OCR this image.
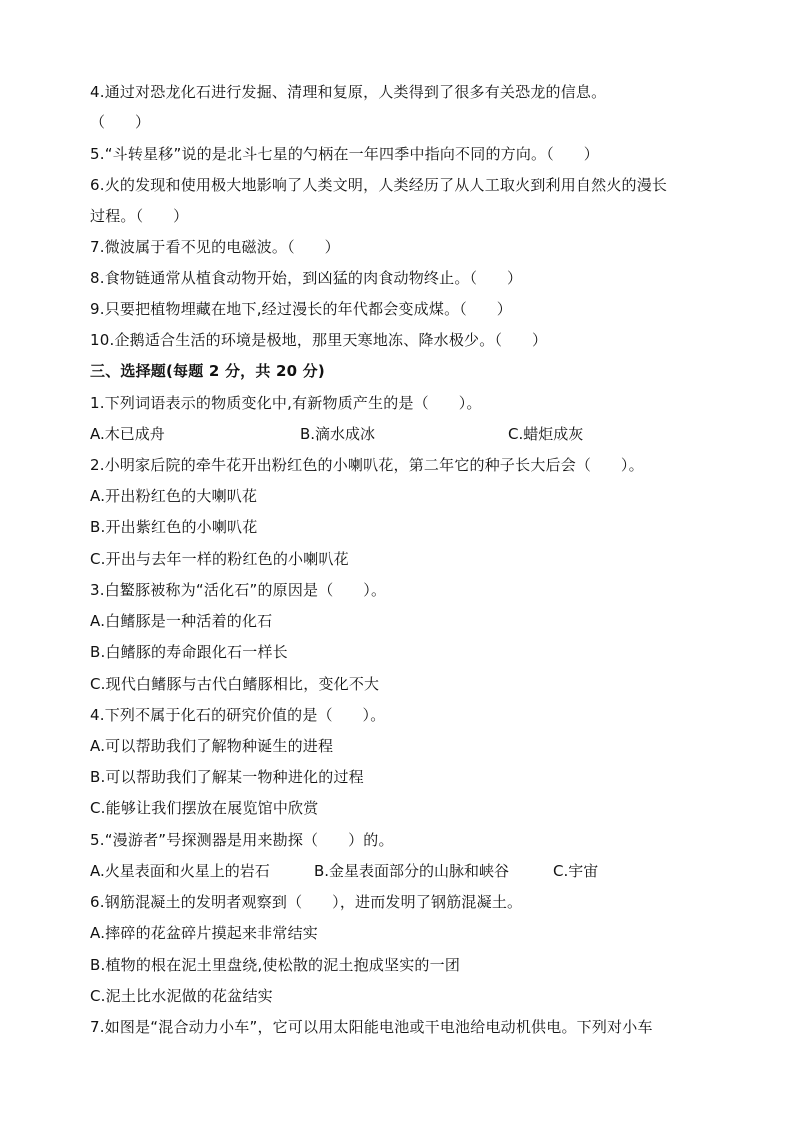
4.通过对恐龙化石进行发掘、清理和复原，人类得到了很多有关恐龙的信息。
（      ）
5.“斗转星移”说的是北斗七星的勺柄在一年四季中指向不同的方向。（      ）
6.火的发现和使用极大地影响了人类文明，人类经历了从人工取火到利用自然火的漫长
过程。（      ）
7.微波属于看不见的电磁波。（      ）
8.食物链通常从植食动物开始，到凶猛的肉食动物终止。（      ）
9.只要把植物埋藏在地下,经过漫长的年代都会变成煤。（      ）
10.企鹅适合生活的环境是极地，那里天寒地冻、降水极少。（      ）
三、选择题(每题 2 分，共 20 分)
1.下列词语表示的物质变化中,有新物质产生的是（      ）。

A.木已成舟

	B.滴水成冰

	C.蜡炬成灰

2.小明家后院的牵牛花开出粉红色的小喇叭花，第二年它的种子长大后会（      ）。
A.开出粉红色的大喇叭花
B.开出紫红色的小喇叭花
C.开出与去年一样的粉红色的小喇叭花
3.白鳘豚被称为“活化石”的原因是（      ）。
A.白鳍豚是一种活着的化石
B.白鳍豚的寿命跟化石一样长
C.现代白鳍豚与古代白鳍豚相比，变化不大
4.下列不属于化石的研究价值的是（      ）。
A.可以帮助我们了解物种诞生的进程
B.可以帮助我们了解某一物种进化的过程
C.能够让我们摆放在展览馆中欣赏
5.“漫游者”号探测器是用来勘探（      ）的。

A.火星表面和火星上的岩石

	B.金星表面部分的山脉和峡谷

	C.宇宙

6.钢筋混凝土的发明者观察到（      ），进而发明了钢筋混凝土。
A.摔碎的花盆碎片摸起来非常结实
B.植物的根在泥土里盘绕,使松散的泥土抱成坚实的一团
C.泥土比水泥做的花盆结实
7.如图是“混合动力小车”，它可以用太阳能电池或干电池给电动机供电。下列对小车
